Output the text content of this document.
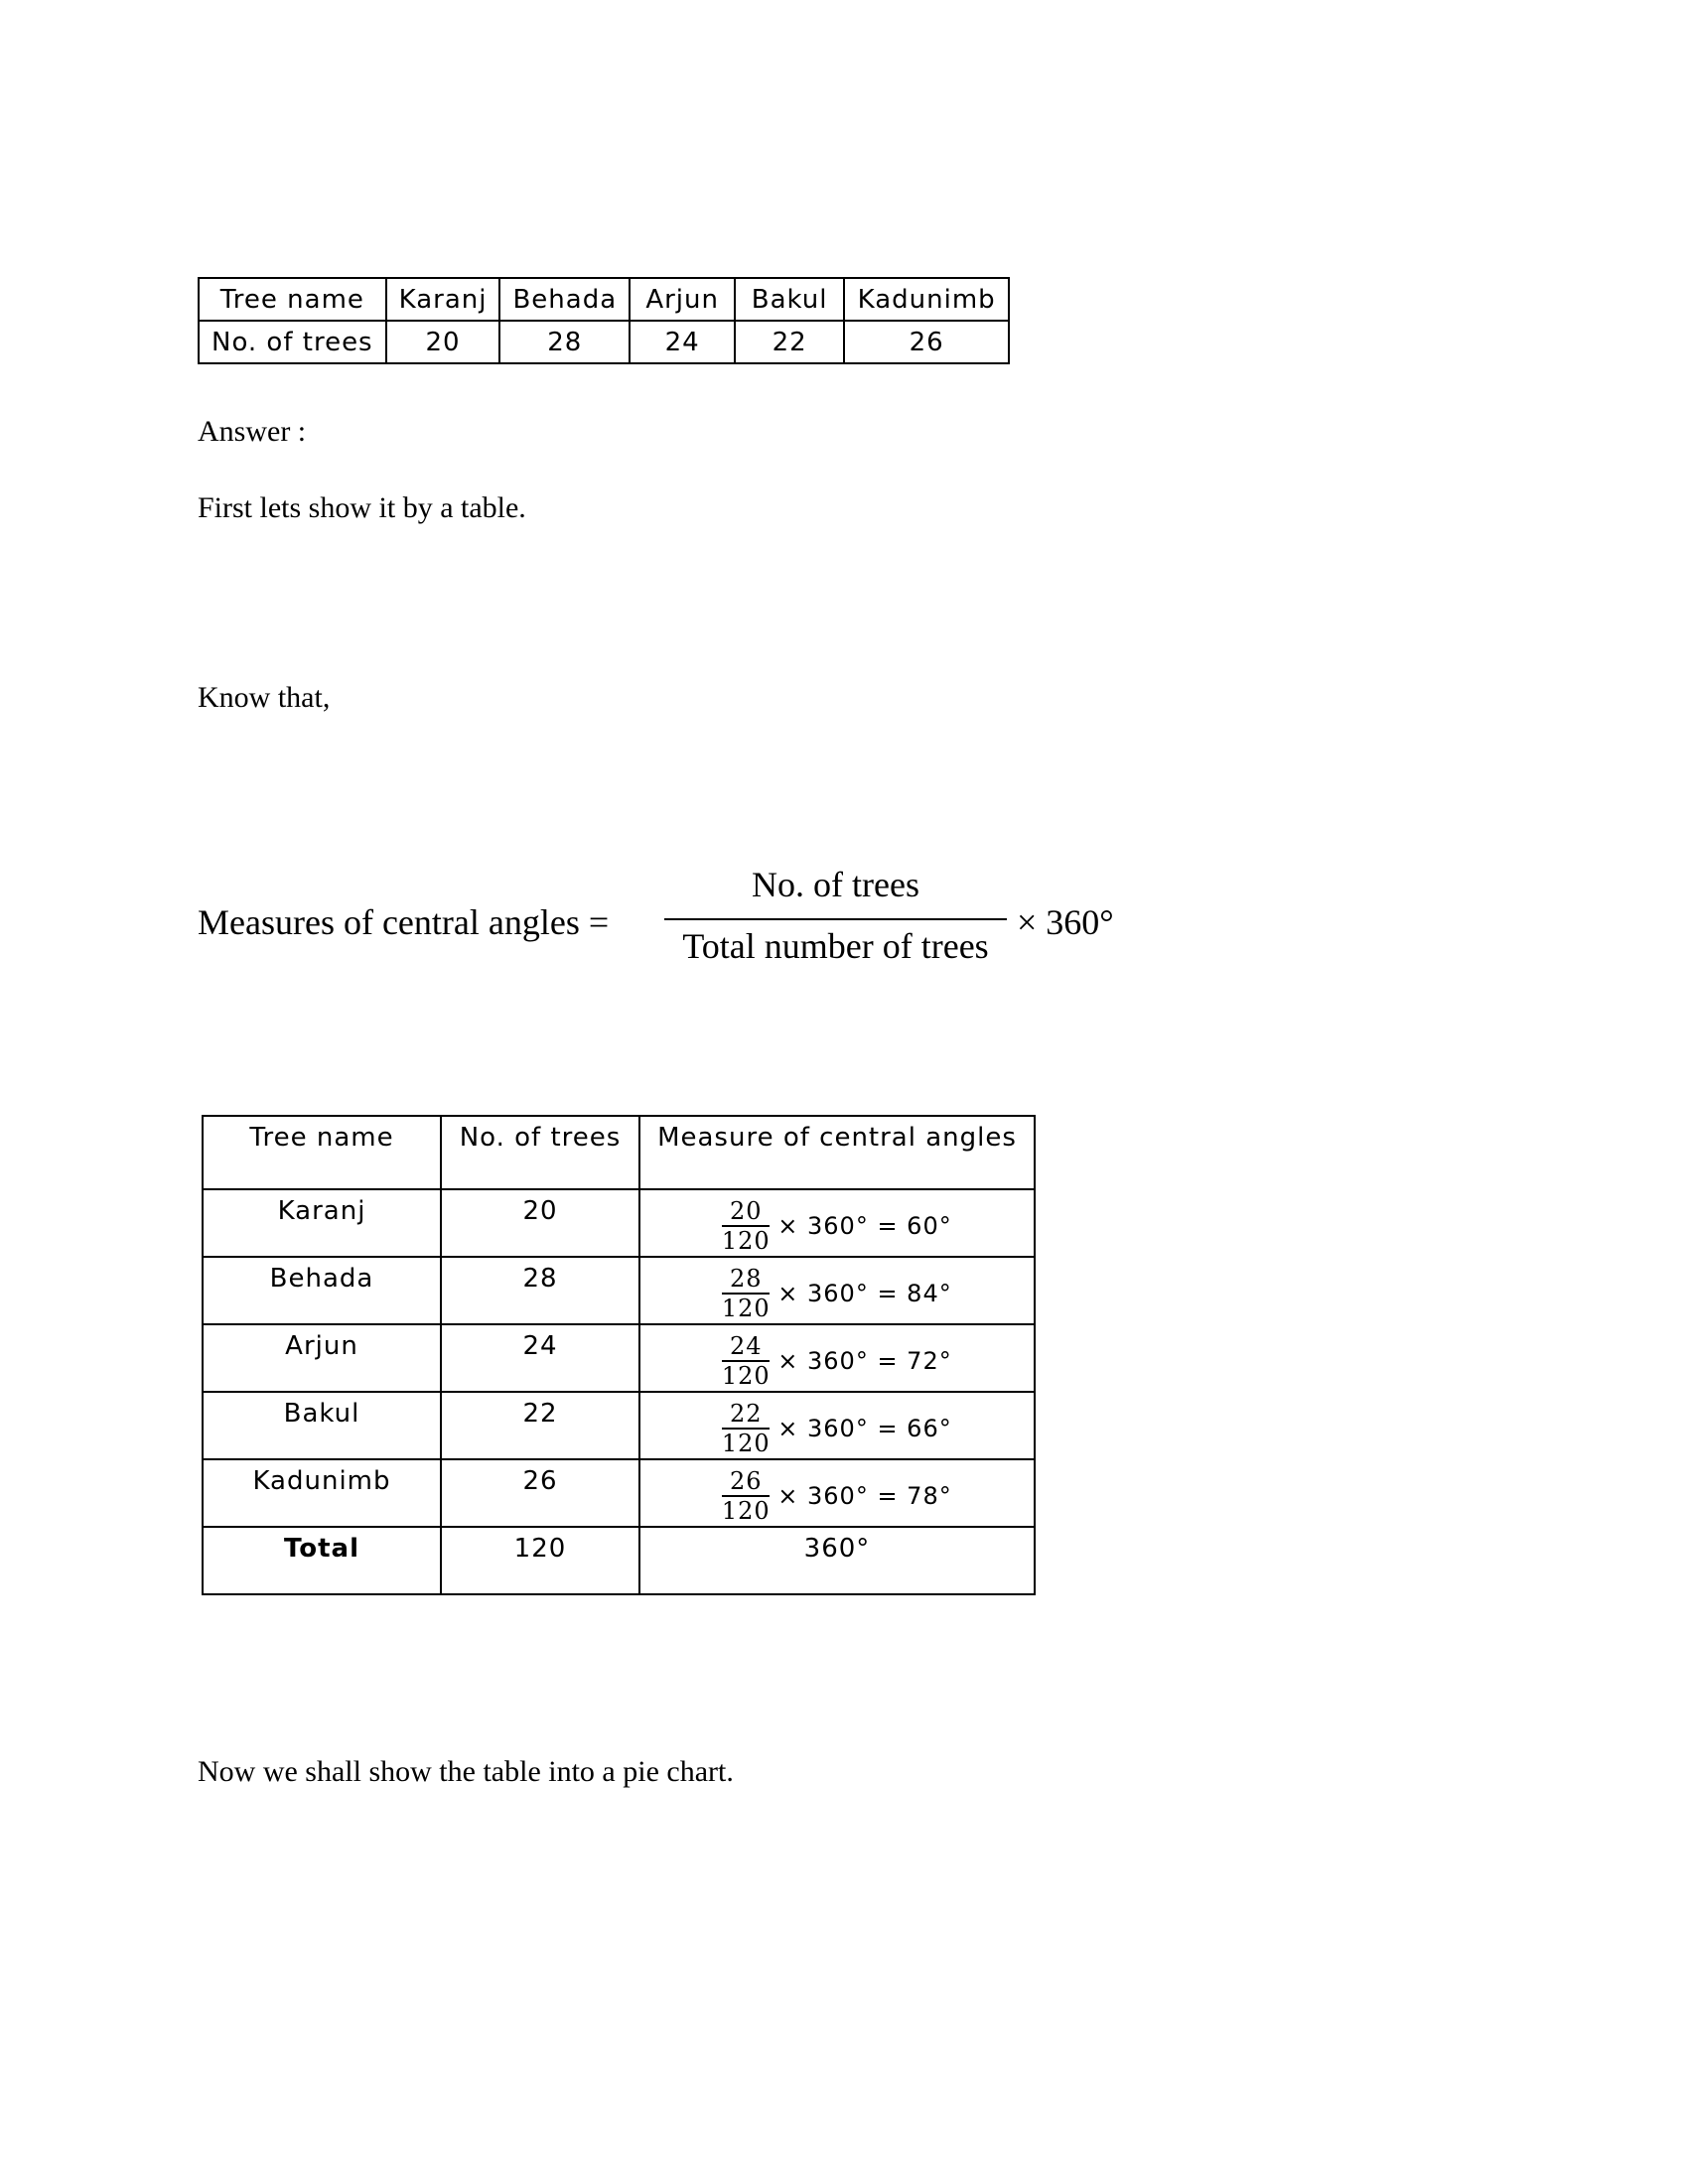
Tree name	Karanj	Behada	Arjun	Bakul	Kadunimb
No. of trees	20	28	24	22	26
Answer :
First lets show it by a table.
Know that,
Measures of central angles =
No. of trees
Total number of trees
× 360°
Tree name	No. of trees	Measure of central angles
Karanj	20	20
120
× 360° = 60°

Behada	28	28
120
× 360° = 84°

Arjun	24	24
120
× 360° = 72°

Bakul	22	22
120
× 360° = 66°

Kadunimb	26	26
120
× 360° = 78°

Total	120	360°
Now we shall show the table into a pie chart.
